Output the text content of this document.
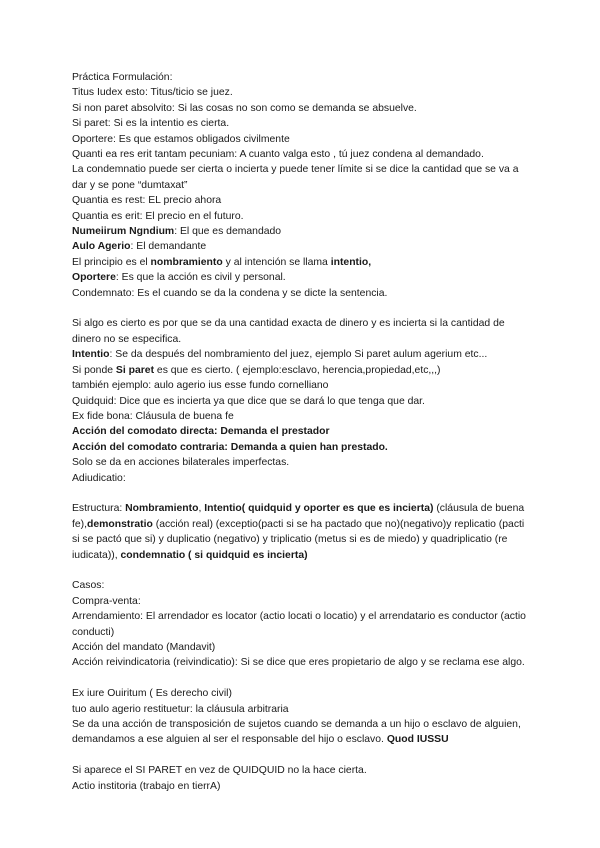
Práctica Formulación:
Titus Iudex esto: Titus/ticio se juez.
Si non paret absolvito: Si las cosas no son como se demanda se absuelve.
Si paret: Si es la intentio es cierta.
Oportere: Es que estamos obligados civilmente
Quanti ea res erit tantam pecuniam: A cuanto valga esto , tú juez condena al demandado.
La condemnatio puede ser cierta o incierta y puede tener límite si se dice la cantidad que se va a dar y se pone “dumtaxat”
Quantia es rest: EL precio ahora
Quantia es erit: El precio en el futuro.
Numeiirum Ngndium: El que es demandado
Aulo Agerio: El demandante
El principio es el nombramiento y al intención se llama intentio,
Oportere: Es que la acción es civil y personal.
Condemnato: Es el cuando se da la condena y se dicte la sentencia.
Si algo es cierto es por que se da una cantidad exacta de dinero y es incierta si la cantidad de dinero no se especifica.
Intentio: Se da después del nombramiento del juez, ejemplo Si paret aulum agerium etc...
Si ponde Si paret es que es cierto. ( ejemplo:esclavo, herencia,propiedad,etc,,,)
también ejemplo: aulo agerio ius esse fundo cornelliano
Quidquid: Dice que es incierta ya que dice que se dará lo que tenga que dar.
Ex fide bona: Cláusula de buena fe
Acción del comodato directa: Demanda el prestador
Acción del comodato contraria: Demanda a quien han prestado.
Solo se da en acciones bilaterales imperfectas.
Adiudicatio:
Estructura: Nombramiento, Intentio( quidquid y oporter es que es incierta) (cláusula de buena fe),demonstratio (acción real) (exceptio(pacti si se ha pactado que no)(negativo)y replicatio (pacti si se pactó que si) y duplicatio (negativo) y triplicatio (metus si es de miedo) y quadriplicatio (re iudicata)), condemnatio ( si quidquid es incierta)
Casos:
Compra-venta:
Arrendamiento: El arrendador es locator (actio locati o locatio) y el arrendatario es conductor (actio conducti)
Acción del mandato (Mandavit)
Acción reivindicatoria (reivindicatio): Si se dice que eres propietario de algo y se reclama ese algo.
Ex iure Ouiritum ( Es derecho civil)
tuo aulo agerio restituetur: la cláusula arbitraria
Se da una acción de transposición de sujetos cuando se demanda a un hijo o esclavo de alguien, demandamos a ese alguien al ser el responsable del hijo o esclavo. Quod IUSSU
Si aparece el SI PARET en vez de QUIDQUID no la hace cierta.
Actio institoria (trabajo en tierrA)
